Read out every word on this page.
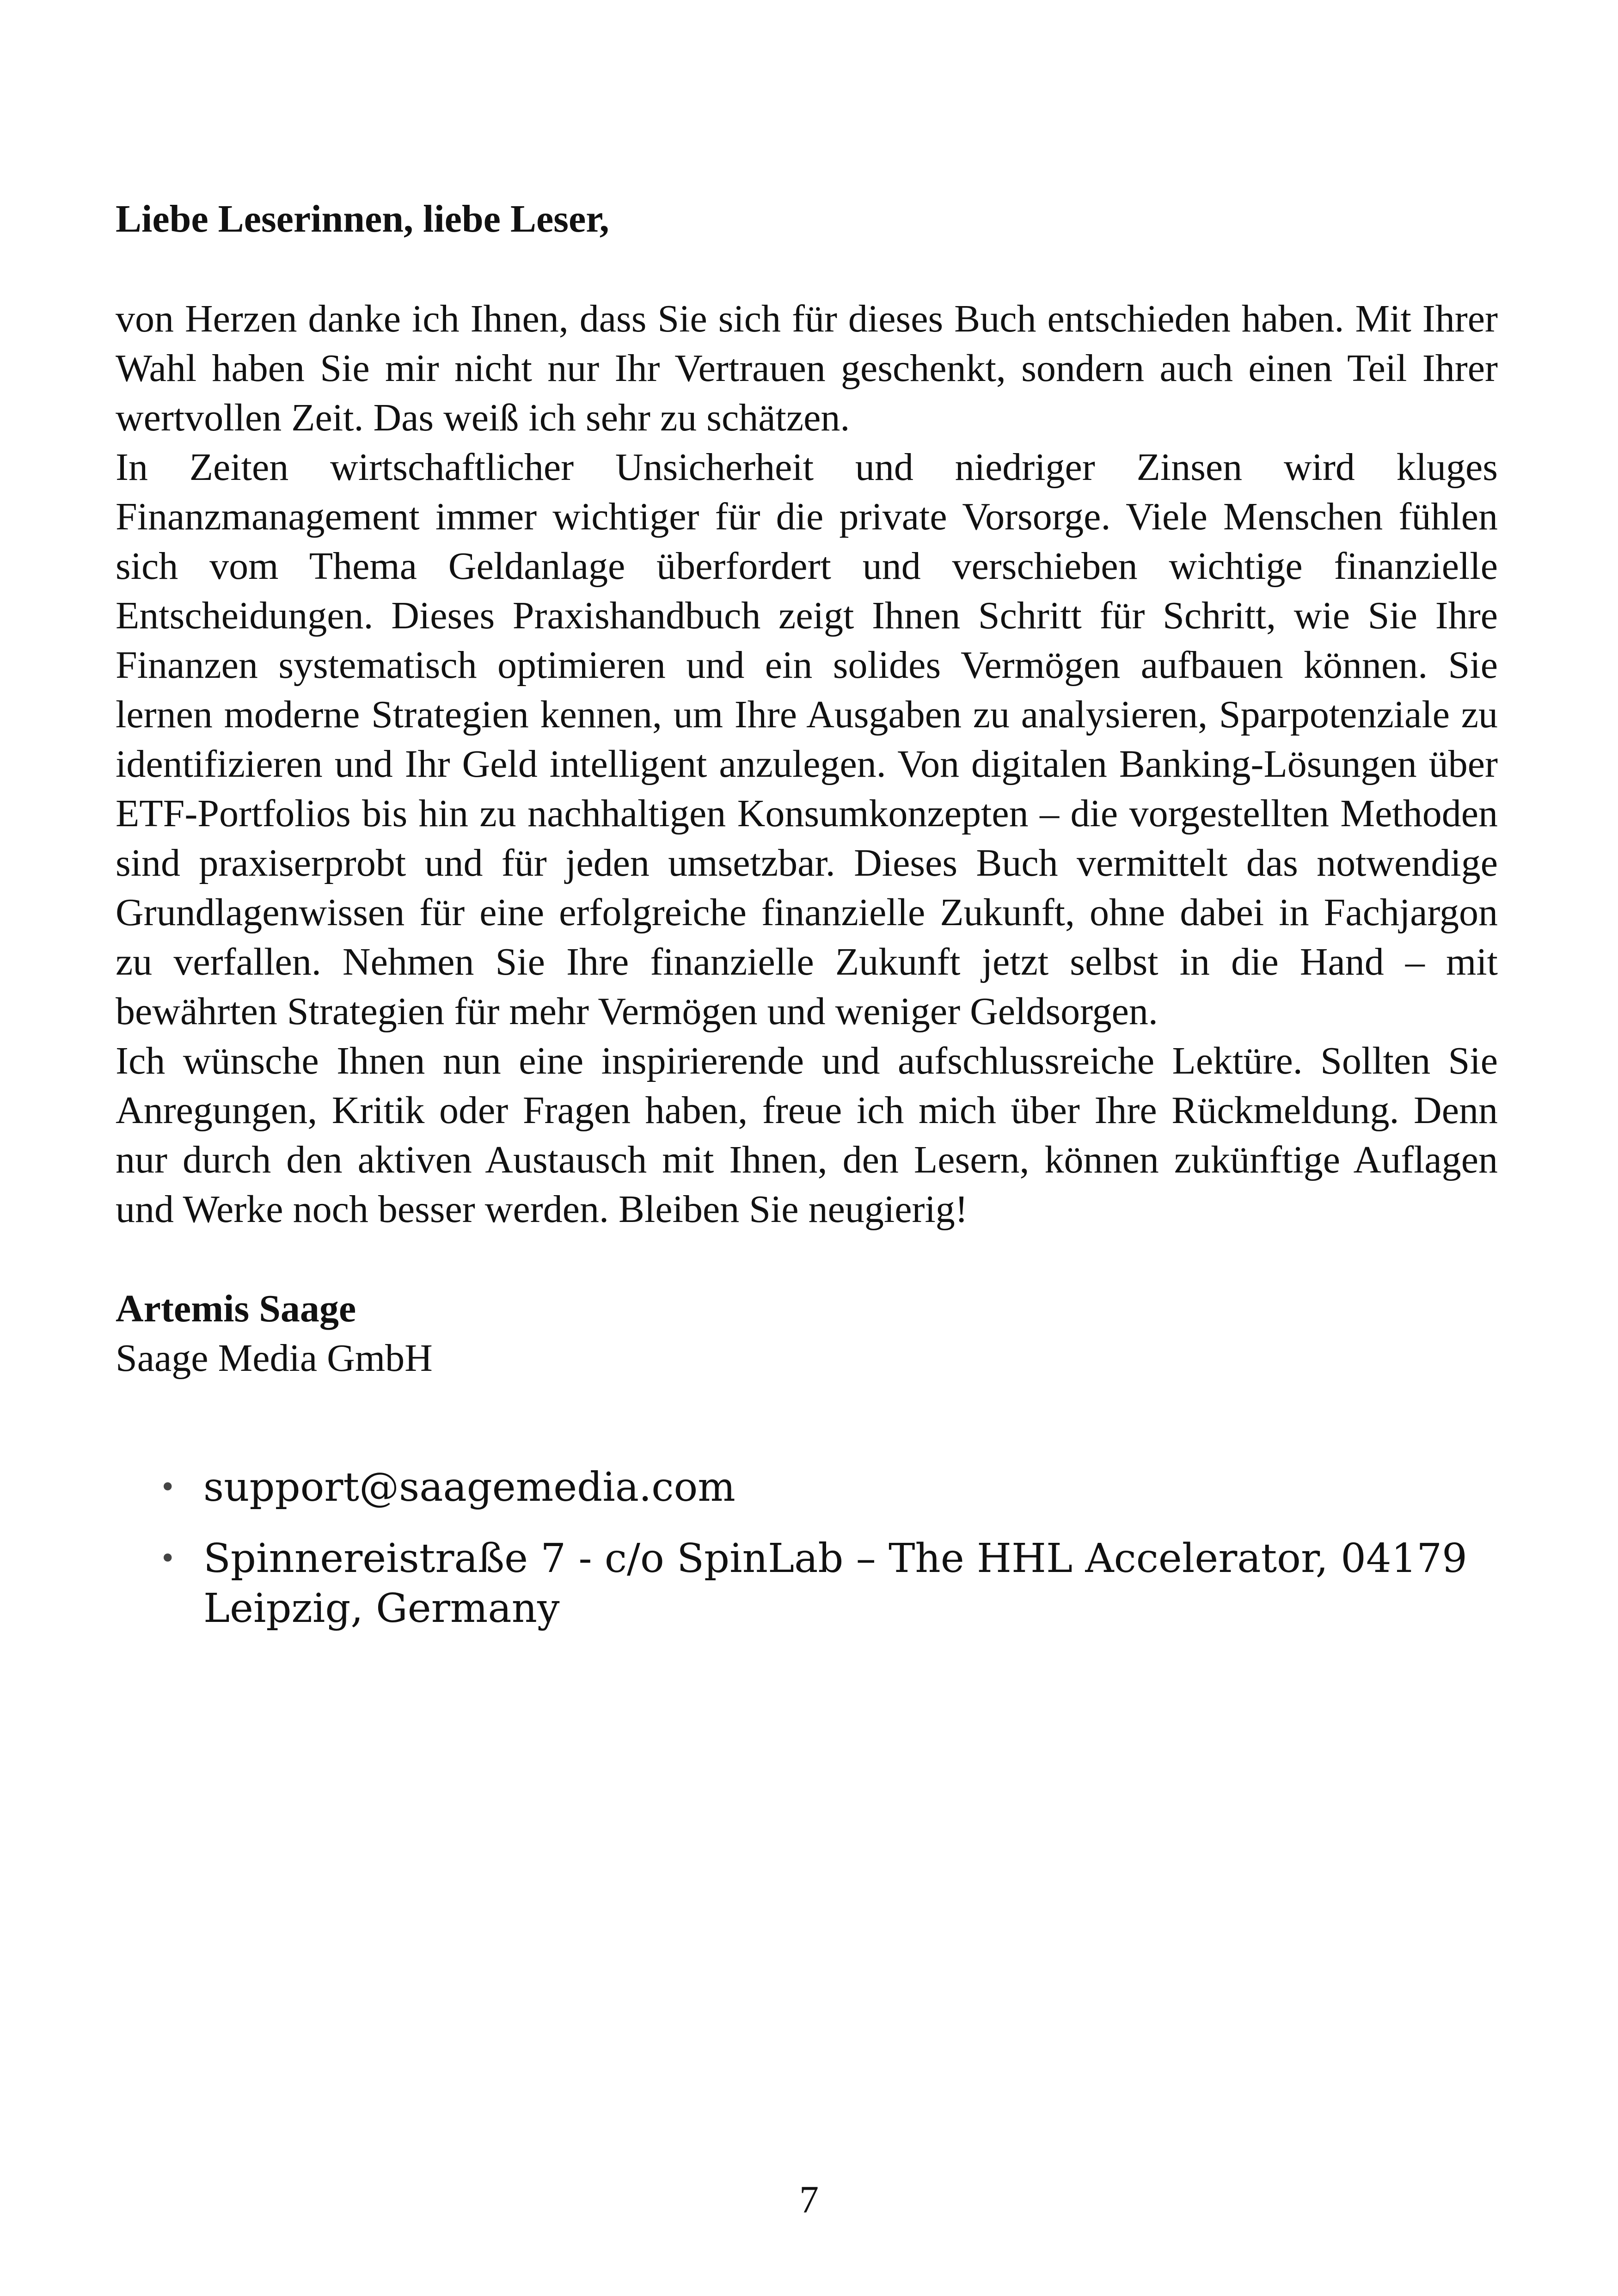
Liebe Leserinnen, liebe Leser,

von Herzen danke ich Ihnen, dass Sie sich für dieses Buch entschieden haben. Mit Ihrer Wahl haben Sie mir nicht nur Ihr Vertrauen geschenkt, sondern auch einen Teil Ihrer wertvollen Zeit. Das weiß ich sehr zu schätzen.

In Zeiten wirtschaftlicher Unsicherheit und niedriger Zinsen wird kluges Finanzmanagement immer wichtiger für die private Vorsorge. Viele Menschen fühlen sich vom Thema Geldanlage überfordert und verschieben wichtige finanzielle Entscheidungen. Dieses Praxishandbuch zeigt Ihnen Schritt für Schritt, wie Sie Ihre Finanzen systematisch optimieren und ein solides Vermögen aufbauen können. Sie lernen moderne Strategien kennen, um Ihre Ausgaben zu analysieren, Sparpotenziale zu identifizieren und Ihr Geld intelligent anzulegen. Von digitalen Banking-Lösungen über ETF-Portfolios bis hin zu nachhaltigen Konsumkonzepten – die vorgestellten Methoden sind praxiserprobt und für jeden umsetzbar. Dieses Buch vermittelt das notwendige Grundlagenwissen für eine erfolgreiche finanzielle Zukunft, ohne dabei in Fachjargon zu verfallen. Nehmen Sie Ihre finanzielle Zukunft jetzt selbst in die Hand – mit bewährten Strategien für mehr Vermögen und weniger Geldsorgen.

Ich wünsche Ihnen nun eine inspirierende und aufschlussreiche Lektüre. Sollten Sie Anregungen, Kritik oder Fragen haben, freue ich mich über Ihre Rückmeldung. Denn nur durch den aktiven Austausch mit Ihnen, den Lesern, können zukünftige Auflagen und Werke noch besser werden. Bleiben Sie neugierig!

Artemis Saage
Saage Media GmbH
• support@saagemedia.com
• Spinnereistraße 7 - c/o SpinLab – The HHL Accelerator, 04179 Leipzig, Germany
7
